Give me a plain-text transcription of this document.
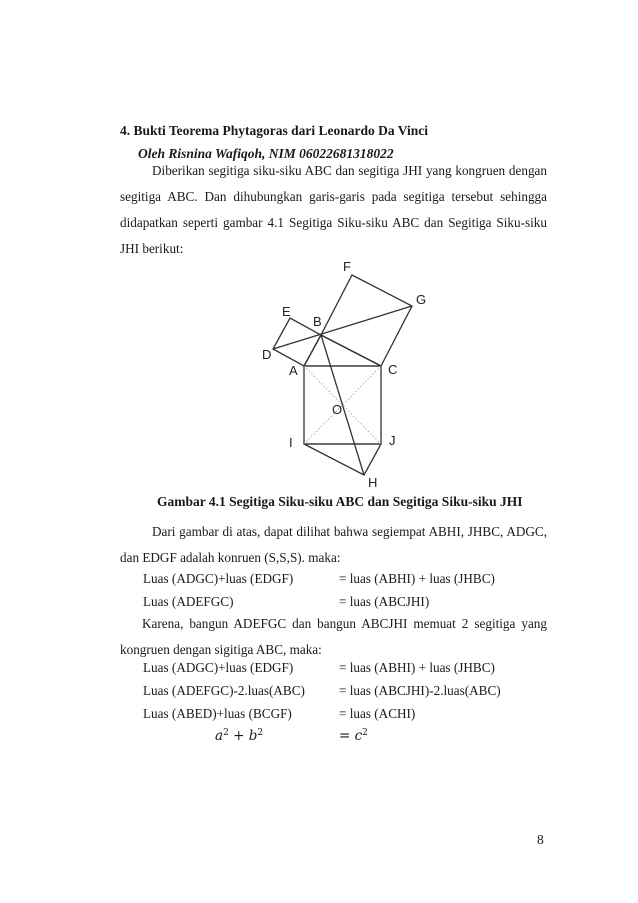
4. Bukti Teorema Phytagoras dari Leonardo Da Vinci
Oleh Risnina Wafiqoh, NIM 06022681318022
Diberikan segitiga siku-siku ABC dan segitiga JHI yang kongruen dengan segitiga ABC. Dan dihubungkan garis-garis pada segitiga tersebut sehingga didapatkan seperti gambar 4.1 Segitiga Siku-siku ABC dan Segitiga Siku-siku JHI berikut:
F
G
E
B
D
A	C
O
I	J
H
Gambar 4.1 Segitiga Siku-siku ABC dan Segitiga Siku-siku JHI
Dari gambar di atas, dapat dilihat bahwa segiempat ABHI, JHBC, ADGC, dan EDGF adalah konruen (S,S,S). maka:
Luas (ADGC)+luas (EDGF)	= luas (ABHI) + luas (JHBC)
Luas (ADEFGC)	= luas (ABCJHI)
Karena, bangun ADEFGC dan bangun ABCJHI memuat 2 segitiga yang kongruen dengan sigitiga ABC, maka:
Luas (ADGC)+luas (EDGF)	= luas (ABHI) + luas (JHBC)
Luas (ADEFGC)-2.luas(ABC)	= luas (ABCJHI)-2.luas(ABC)
Luas (ABED)+luas (BCGF)	= luas (ACHI)
$a^2 + b^2$	= $c^2$
8
